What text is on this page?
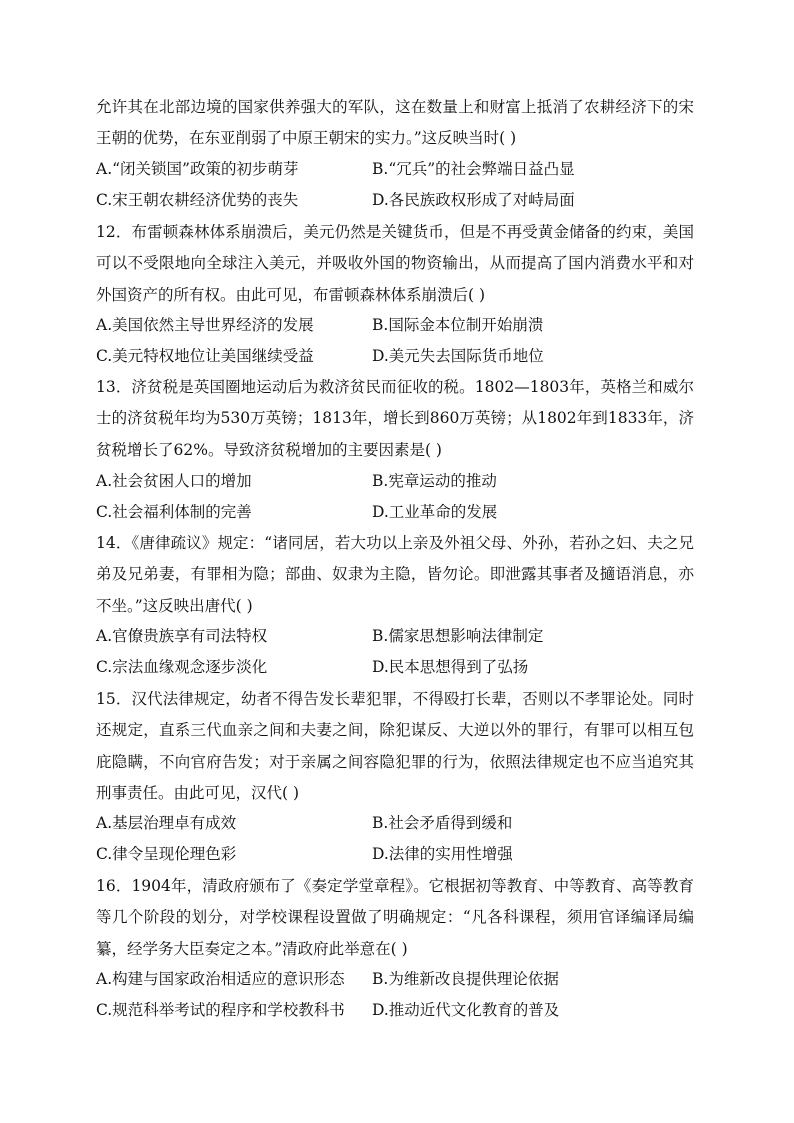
允许其在北部边境的国家供养强大的军队，这在数量上和财富上抵消了农耕经济下的宋王朝的优势，在东亚削弱了中原王朝宋的实力。”这反映当时( )

A.“闭关锁国”政策的初步萌芽	B.“冗兵”的社会弊端日益凸显
C.宋王朝农耕经济优势的丧失	D.各民族政权形成了对峙局面

12．布雷顿森林体系崩溃后，美元仍然是关键货币，但是不再受黄金储备的约束，美国可以不受限地向全球注入美元，并吸收外国的物资输出，从而提高了国内消费水平和对外国资产的所有权。由此可见，布雷顿森林体系崩溃后( )

A.美国依然主导世界经济的发展	B.国际金本位制开始崩溃
C.美元特权地位让美国继续受益	D.美元失去国际货币地位

13．济贫税是英国圈地运动后为救济贫民而征收的税。1802—1803年，英格兰和威尔士的济贫税年均为530万英镑；1813年，增长到860万英镑；从1802年到1833年，济贫税增长了62%。导致济贫税增加的主要因素是( )

A.社会贫困人口的增加	B.宪章运动的推动
C.社会福利体制的完善	D.工业革命的发展

14．《唐律疏议》规定：“诸同居，若大功以上亲及外祖父母、外孙，若孙之妇、夫之兄弟及兄弟妻，有罪相为隐；部曲、奴隶为主隐，皆勿论。即泄露其事者及擿语消息，亦不坐。”这反映出唐代( )

A.官僚贵族享有司法特权	B.儒家思想影响法律制定
C.宗法血缘观念逐步淡化	D.民本思想得到了弘扬

15．汉代法律规定，幼者不得告发长辈犯罪，不得殴打长辈，否则以不孝罪论处。同时还规定，直系三代血亲之间和夫妻之间，除犯谋反、大逆以外的罪行，有罪可以相互包庇隐瞒，不向官府告发；对于亲属之间容隐犯罪的行为，依照法律规定也不应当追究其刑事责任。由此可见，汉代( )

A.基层治理卓有成效	B.社会矛盾得到缓和
C.律令呈现伦理色彩	D.法律的实用性增强

16．1904年，清政府颁布了《奏定学堂章程》。它根据初等教育、中等教育、高等教育等几个阶段的划分，对学校课程设置做了明确规定：“凡各科课程，须用官译编译局编纂，经学务大臣奏定之本。”清政府此举意在( )

A.构建与国家政治相适应的意识形态 B.为维新改良提供理论依据
C.规范科举考试的程序和学校教科书 D.推动近代文化教育的普及
